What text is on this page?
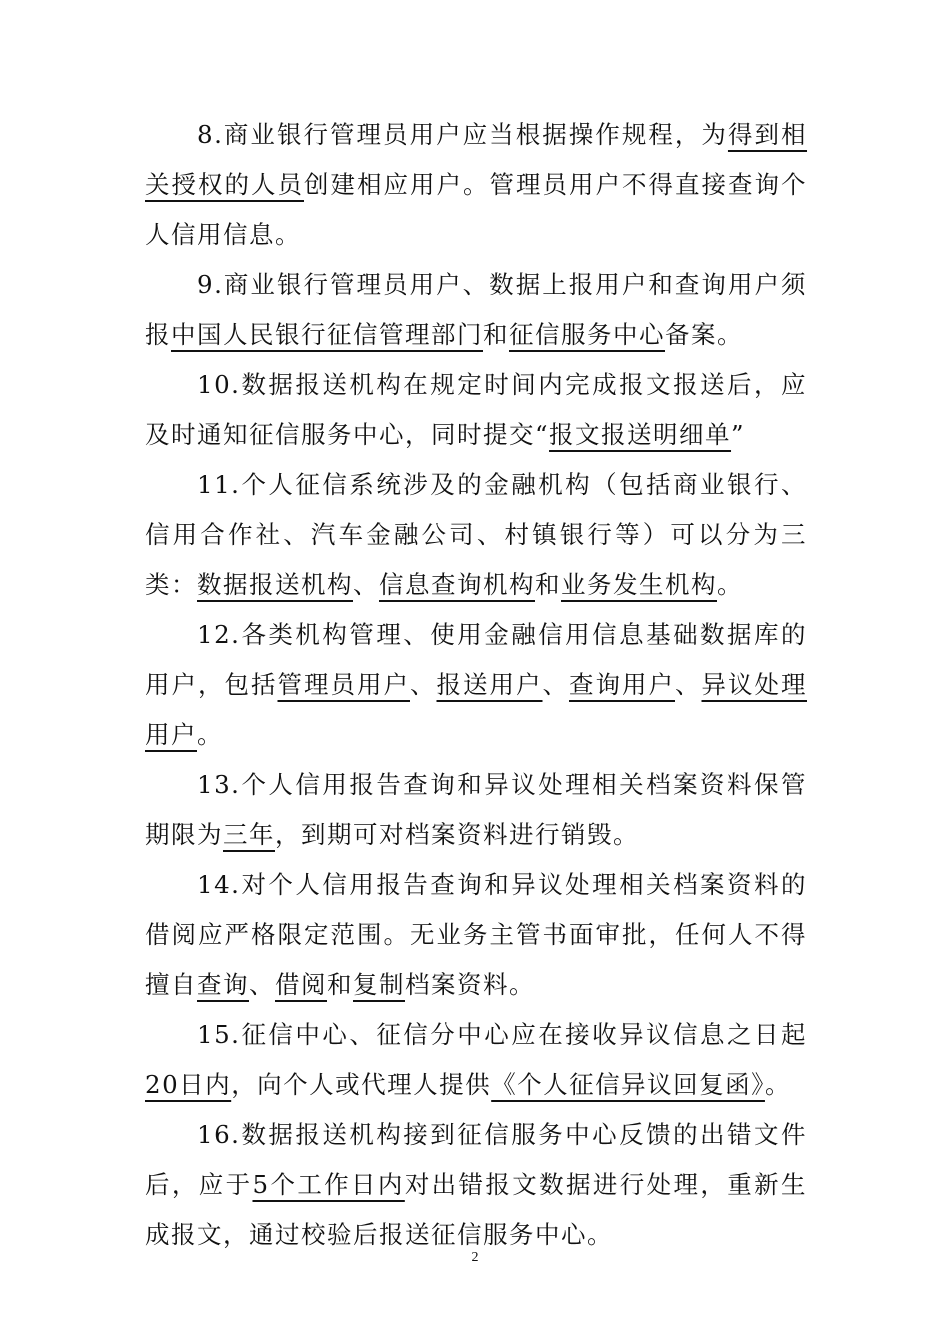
8.商业银行管理员用户应当根据操作规程，为得到相关授权的人员创建相应用户。管理员用户不得直接查询个人信用信息。

9.商业银行管理员用户、数据上报用户和查询用户须报中国人民银行征信管理部门和征信服务中心备案。

10.数据报送机构在规定时间内完成报文报送后，应及时通知征信服务中心，同时提交“报文报送明细单”

11.个人征信系统涉及的金融机构（包括商业银行、信用合作社、汽车金融公司、村镇银行等）可以分为三类：数据报送机构、信息查询机构和业务发生机构。

12.各类机构管理、使用金融信用信息基础数据库的用户，包括管理员用户、报送用户、查询用户、异议处理用户。

13.个人信用报告查询和异议处理相关档案资料保管期限为三年，到期可对档案资料进行销毁。

14.对个人信用报告查询和异议处理相关档案资料的借阅应严格限定范围。无业务主管书面审批，任何人不得擅自查询、借阅和复制档案资料。

15.征信中心、征信分中心应在接收异议信息之日起 20日内，向个人或代理人提供《个人征信异议回复函》。

16.数据报送机构接到征信服务中心反馈的出错文件后，应于5个工作日内对出错报文数据进行处理，重新生成报文，通过校验后报送征信服务中心。

2
